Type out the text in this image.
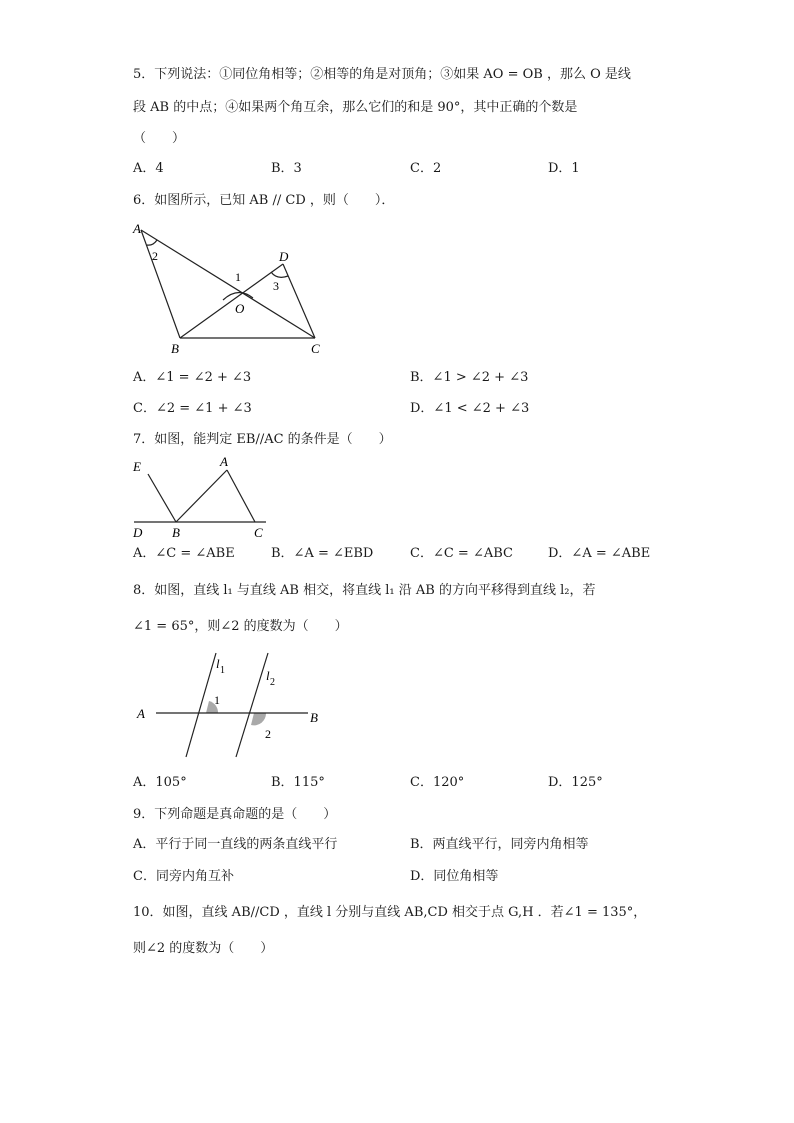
5．下列说法：①同位角相等；②相等的角是对顶角；③如果 AO = OB ，那么 O 是线
段 AB 的中点；④如果两个角互余，那么它们的和是 90°，其中正确的个数是
（　　）
A．4	B．3	C．2	D．1
6．如图所示，已知 AB // CD ，则（　　）．
A
2
1
D
3
O
B	C
A．∠1 = ∠2 + ∠3	B．∠1 > ∠2 + ∠3
C．∠2 = ∠1 + ∠3	D．∠1 < ∠2 + ∠3
7．如图，能判定 EB//AC 的条件是（　　）
E	A
D B	C
A．∠C = ∠ABE	B．∠A = ∠EBD	C．∠C = ∠ABC	D．∠A = ∠ABE
8．如图，直线 l₁ 与直线 AB 相交，将直线 l₁ 沿 AB 的方向平移得到直线 l₂，若
∠1 = 65°，则∠2 的度数为（　　）
l 1	l 2
1
A	B
2
A．105°	B．115°	C．120°	D．125°
9．下列命题是真命题的是（　　）
A．平行于同一直线的两条直线平行	B．两直线平行，同旁内角相等
C．同旁内角互补	D．同位角相等
10．如图，直线 AB//CD ，直线 l 分别与直线 AB,CD 相交于点 G,H ．若∠1 = 135°，
则∠2 的度数为（　　）
